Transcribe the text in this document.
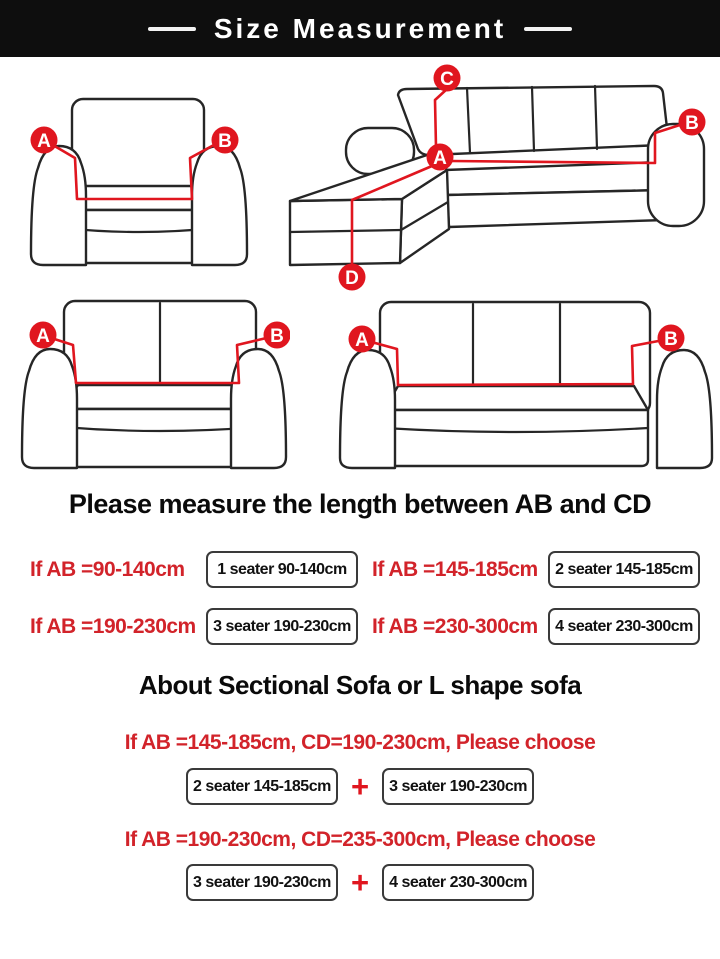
Size Measurement
A	B
C
A
B
D
A	B	A	B
Please measure the length between AB and CD
If AB =90-140cm	1 seater 90-140cm	If AB =145-185cm	2 seater 145-185cm
If AB =190-230cm	3 seater 190-230cm	If AB =230-300cm	4 seater 230-300cm
About Sectional Sofa or L shape sofa
If AB =145-185cm, CD=190-230cm, Please choose
2 seater 145-185cm +	3 seater 190-230cm
If AB =190-230cm, CD=235-300cm, Please choose
3 seater 190-230cm +	4 seater 230-300cm
